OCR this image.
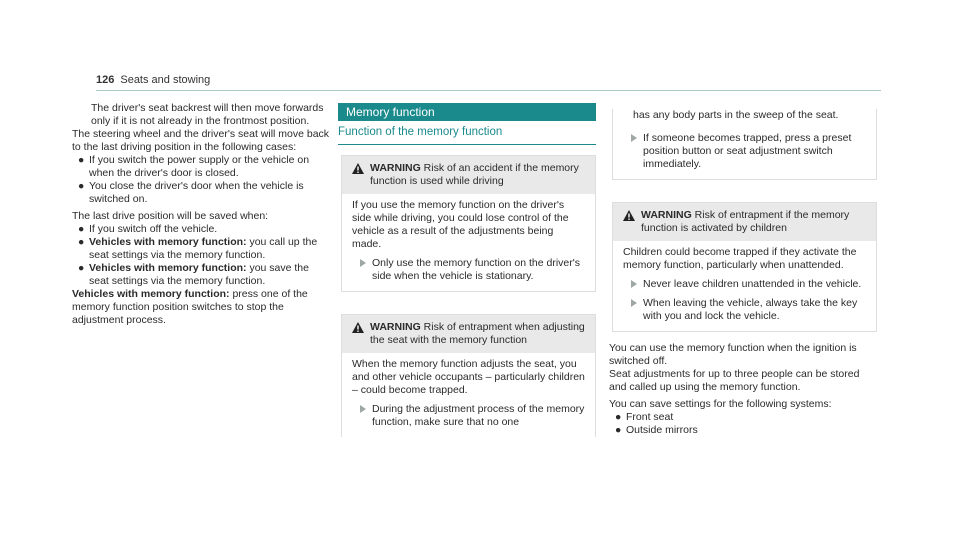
126 Seats and stowing

The driver's seat backrest will then move forwards only if it is not already in the frontmost position.

The steering wheel and the driver's seat will move back to the last driving position in the following cases:

● If you switch the power supply or the vehicle on when the driver's door is closed.
● You close the driver's door when the vehicle is switched on.

The last drive position will be saved when:

● If you switch off the vehicle.
● Vehicles with memory function: you call up the seat settings via the memory function.
● Vehicles with memory function: you save the seat settings via the memory function.

Vehicles with memory function: press one of the memory function position switches to stop the adjustment process.

Memory function
Function of the memory function
WARNING Risk of an accident if the memory function is used while driving

If you use the memory function on the driver's side while driving, you could lose control of the vehicle as a result of the adjustments being made.

Only use the memory function on the driver's side when the vehicle is stationary.
WARNING Risk of entrapment when adjusting the seat with the memory function

When the memory function adjusts the seat, you and other vehicle occupants – particularly children – could become trapped.

During the adjustment process of the memory function, make sure that no one

has any body parts in the sweep of the seat.

If someone becomes trapped, press a preset position button or seat adjustment switch immediately.
WARNING Risk of entrapment if the memory function is activated by children

Children could become trapped if they activate the memory function, particularly when unattended.

Never leave children unattended in the vehicle.
When leaving the vehicle, always take the key with you and lock the vehicle.

You can use the memory function when the ignition is switched off.

Seat adjustments for up to three people can be stored and called up using the memory function.

You can save settings for the following systems:

● Front seat
● Outside mirrors
